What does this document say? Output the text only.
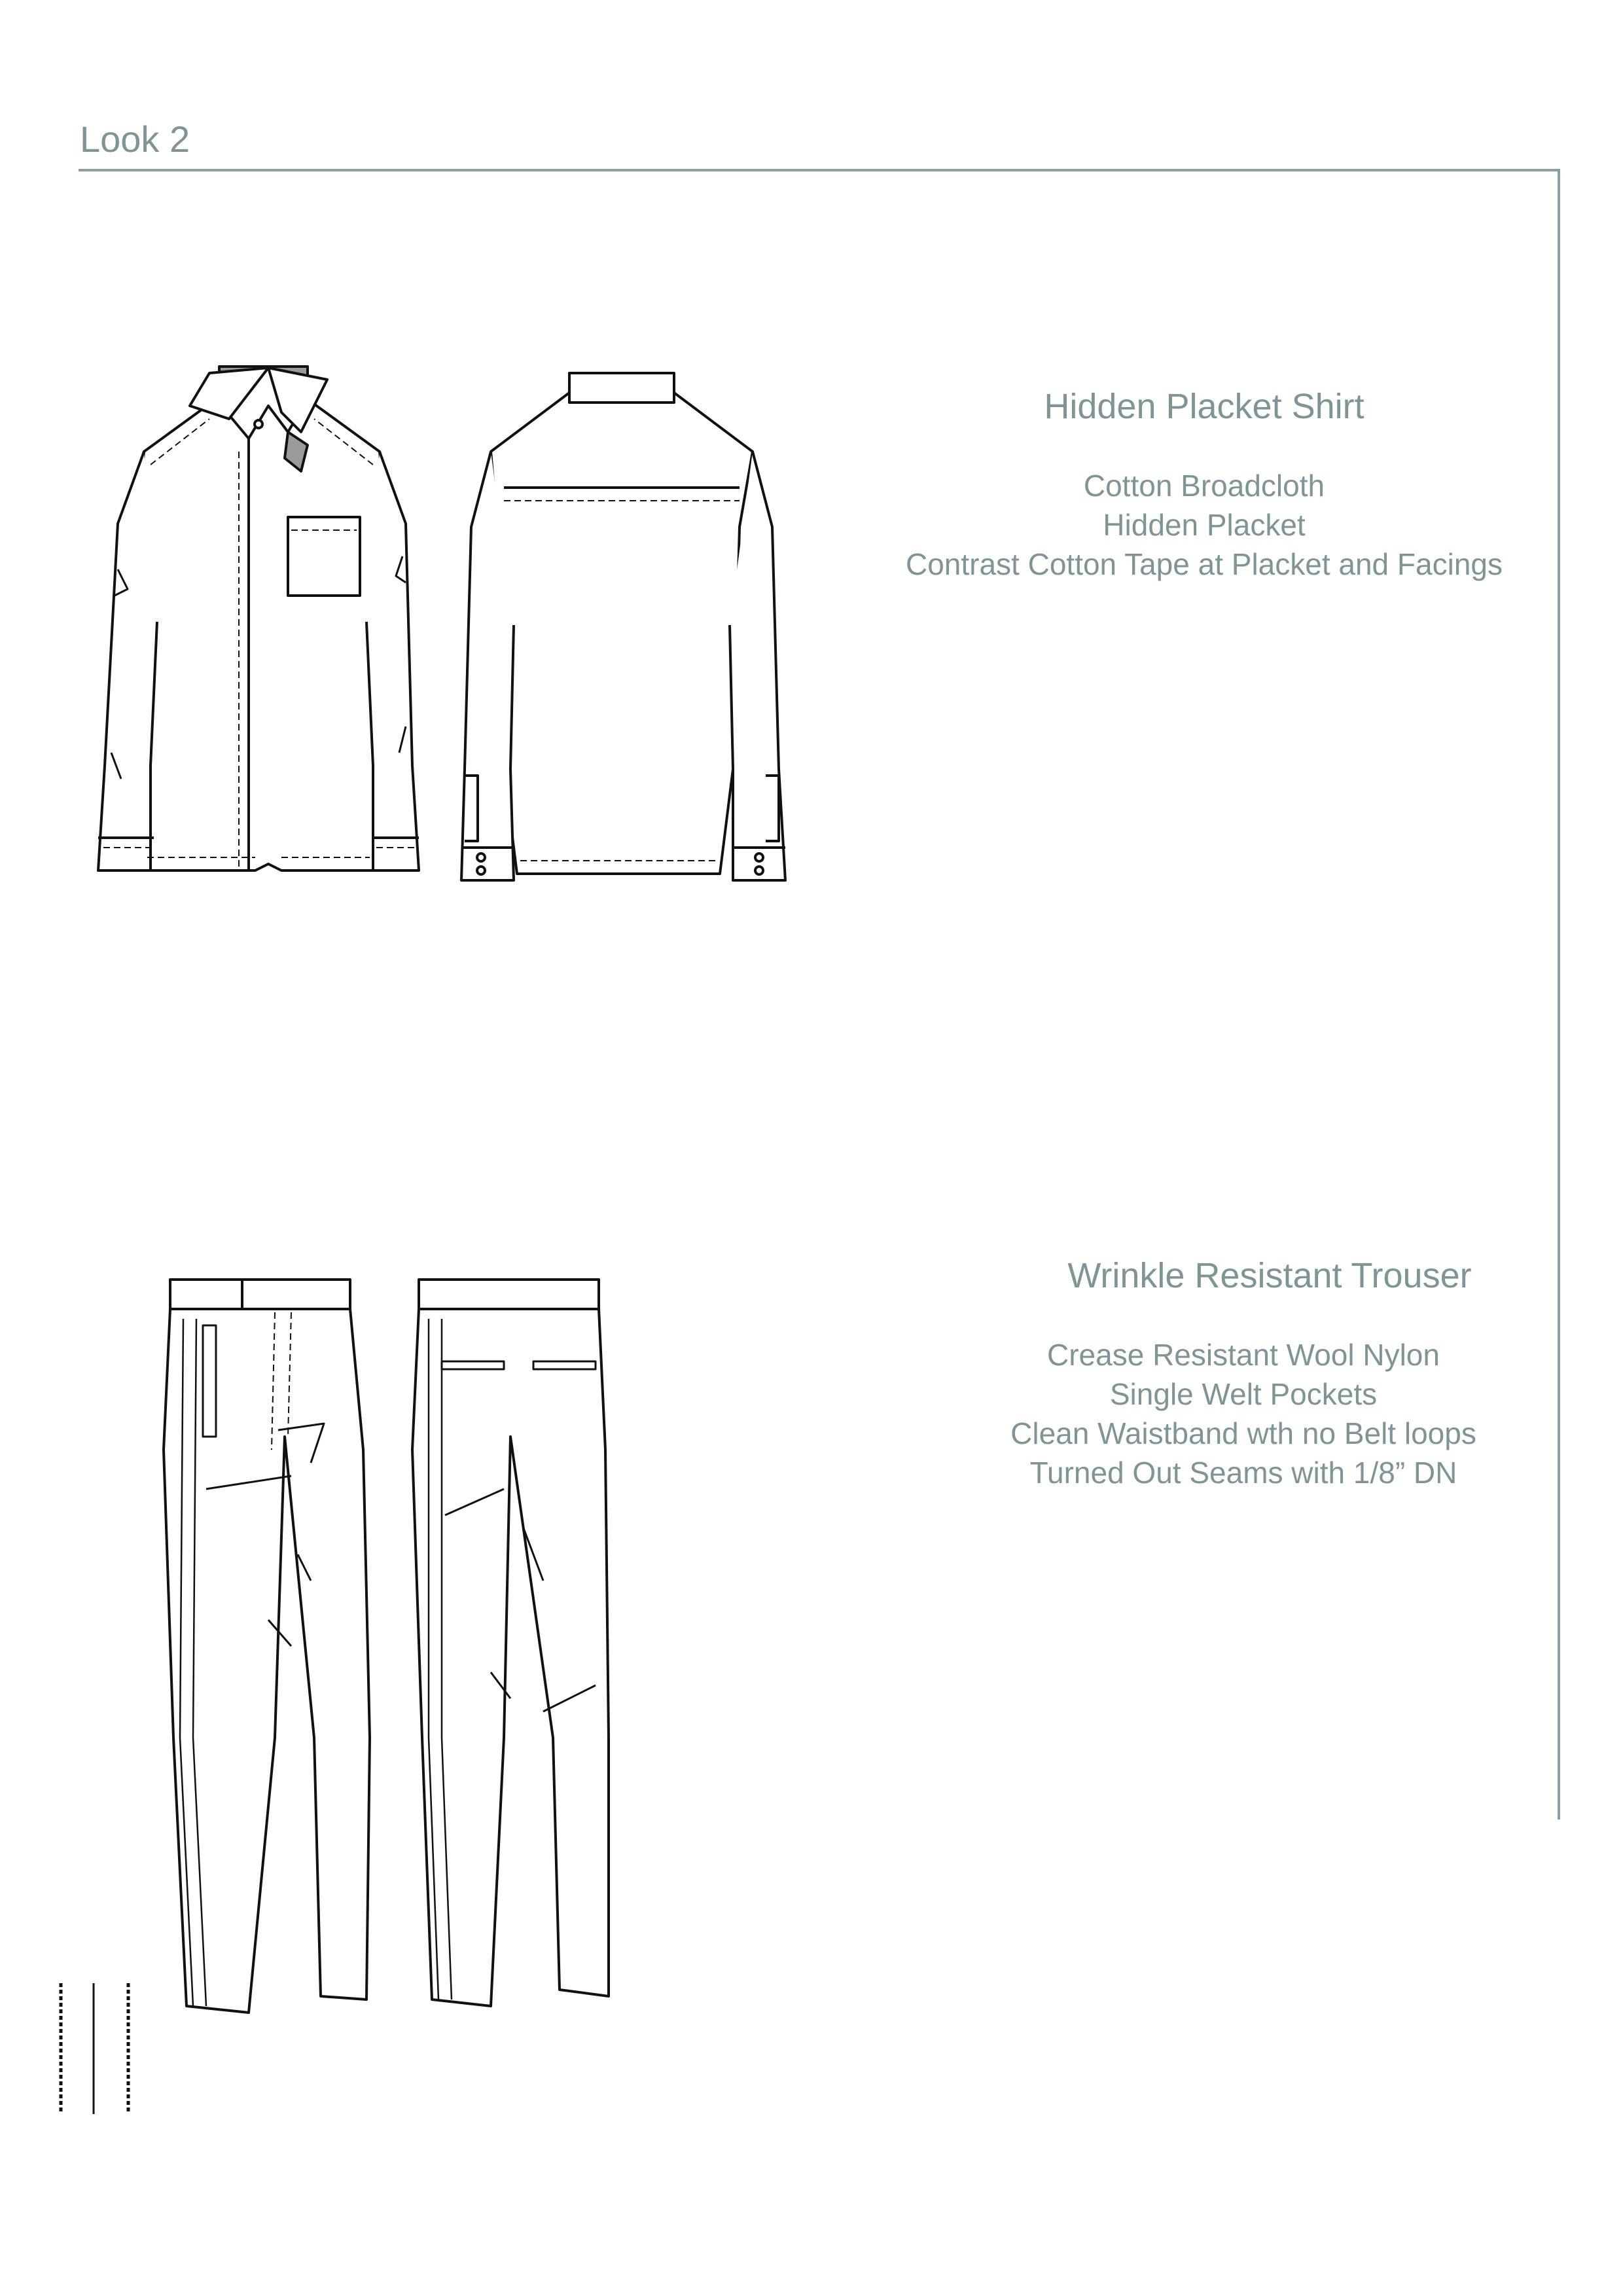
Look 2
Hidden Placket Shirt
Cotton Broadcloth
Hidden Placket
Contrast Cotton Tape at Placket and Facings
Wrinkle Resistant Trouser
Crease Resistant Wool Nylon
Single Welt Pockets
Clean Waistband wth no Belt loops
Turned Out Seams with 1/8” DN
